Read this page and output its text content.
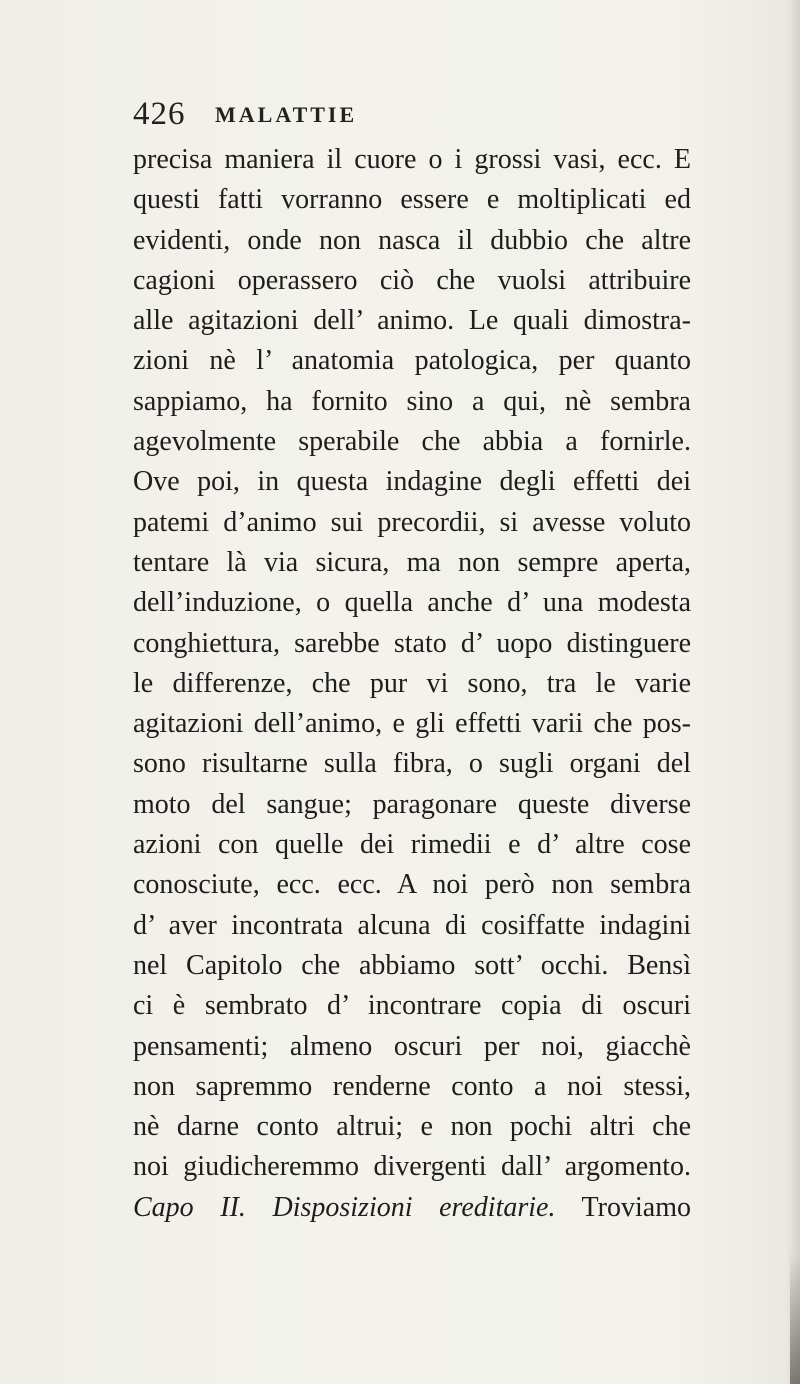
426 MALATTIE
precisa maniera il cuore o i grossi vasi, ecc. E
questi fatti vorranno essere e moltiplicati ed
evidenti, onde non nasca il dubbio che altre
cagioni operassero ciò che vuolsi attribuire
alle agitazioni dell’ animo. Le quali dimostra-
zioni nè l’ anatomia patologica, per quanto
sappiamo, ha fornito sino a qui, nè sembra
agevolmente sperabile che abbia a fornirle.
Ove poi, in questa indagine degli effetti dei
patemi d’animo sui precordii, si avesse voluto
tentare là via sicura, ma non sempre aperta,
dell’induzione, o quella anche d’ una modesta
conghiettura, sarebbe stato d’ uopo distinguere
le differenze, che pur vi sono, tra le varie
agitazioni dell’animo, e gli effetti varii che pos-
sono risultarne sulla fibra, o sugli organi del
moto del sangue; paragonare queste diverse
azioni con quelle dei rimedii e d’ altre cose
conosciute, ecc. ecc. A noi però non sembra
d’ aver incontrata alcuna di cosiffatte indagini
nel Capitolo che abbiamo sott’ occhi. Bensì
ci è sembrato d’ incontrare copia di oscuri
pensamenti; almeno oscuri per noi, giacchè
non sapremmo renderne conto a noi stessi,
nè darne conto altrui; e non pochi altri che
noi giudicheremmo divergenti dall’ argomento.
Capo II. Disposizioni ereditarie. Troviamo
